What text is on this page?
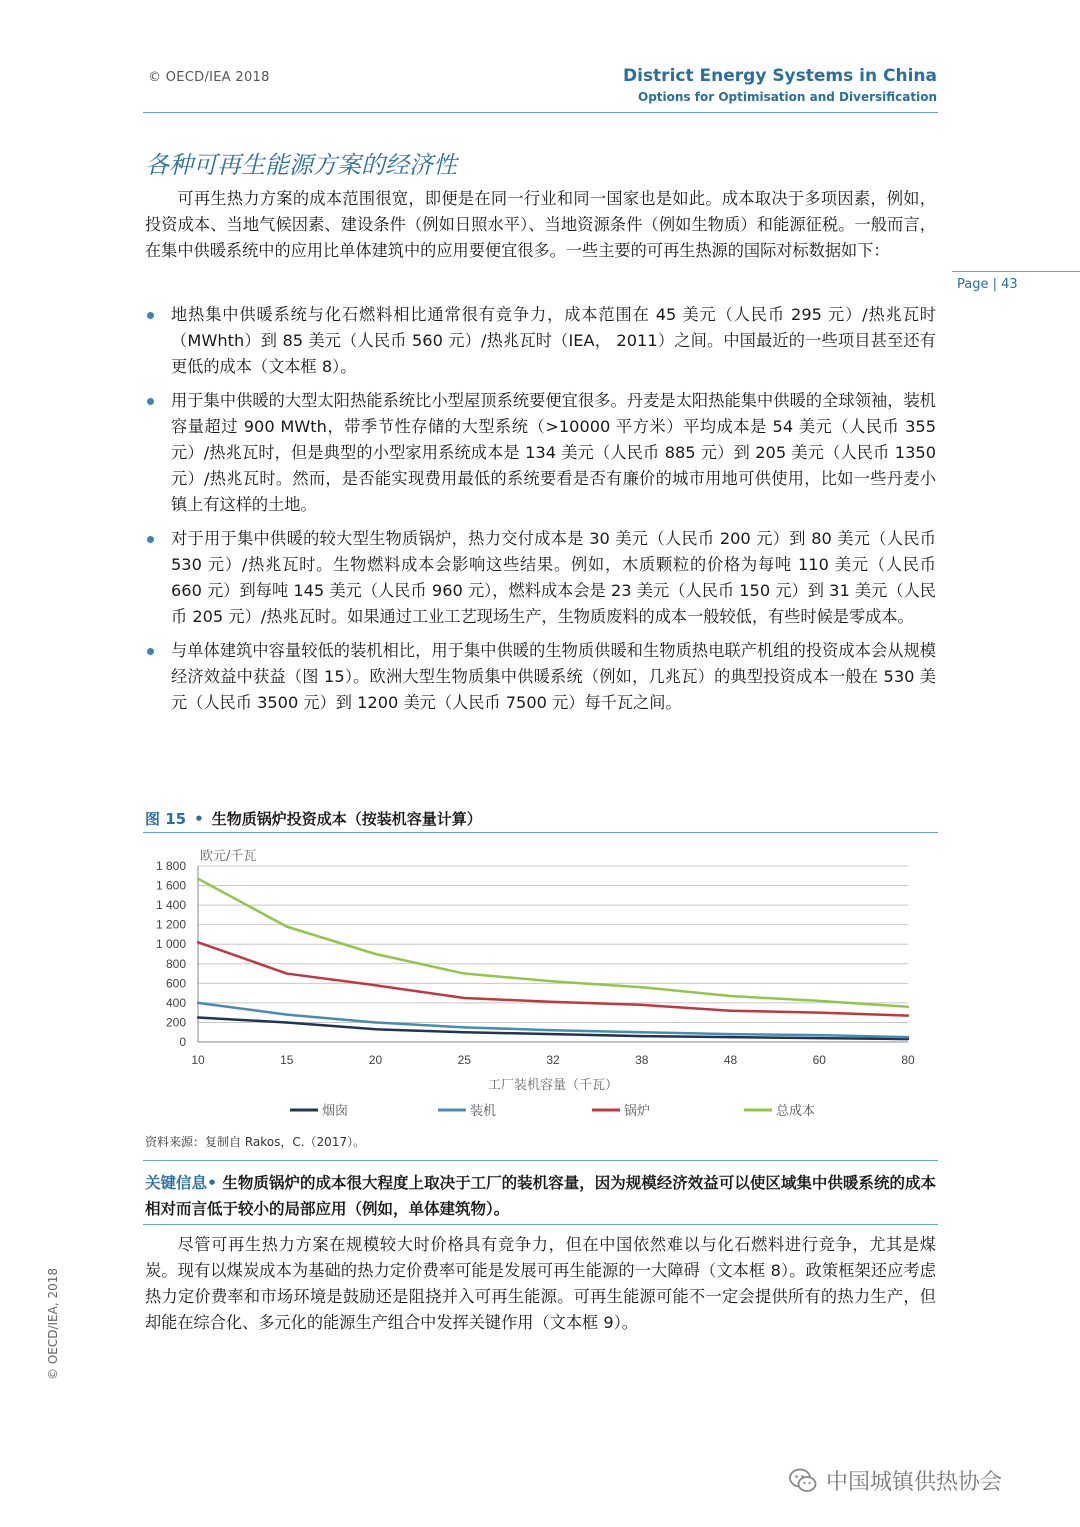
© OECD/IEA 2018	District Energy Systems in China
Options for Optimisation and Diversification
Page | 43
© OECD/IEA, 2018
各种可再生能源方案的经济性
可再生热力方案的成本范围很宽，即便是在同一行业和同一国家也是如此。成本取决于多项因素，例如，投资成本、当地气候因素、建设条件（例如日照水平）、当地资源条件（例如生物质）和能源征税。一般而言，在集中供暖系统中的应用比单体建筑中的应用要便宜很多。一些主要的可再生热源的国际对标数据如下：
地热集中供暖系统与化石燃料相比通常很有竞争力，成本范围在 45 美元（人民币 295 元）/热兆瓦时（MWhth）到 85 美元（人民币 560 元）/热兆瓦时（IEA， 2011）之间。中国最近的一些项目甚至还有更低的成本（文本框 8）。
用于集中供暖的大型太阳热能系统比小型屋顶系统要便宜很多。丹麦是太阳热能集中供暖的全球领袖，装机容量超过 900 MWth，带季节性存储的大型系统（>10000 平方米）平均成本是 54 美元（人民币 355 元）/热兆瓦时，但是典型的小型家用系统成本是 134 美元（人民币 885 元）到 205 美元（人民币 1350 元）/热兆瓦时。然而，是否能实现费用最低的系统要看是否有廉价的城市用地可供使用，比如一些丹麦小镇上有这样的土地。
对于用于集中供暖的较大型生物质锅炉，热力交付成本是 30 美元（人民币 200 元）到 80 美元（人民币 530 元）/热兆瓦时。生物燃料成本会影响这些结果。例如，木质颗粒的价格为每吨 110 美元（人民币 660 元）到每吨 145 美元（人民币 960 元），燃料成本会是 23 美元（人民币 150 元）到 31 美元（人民币 205 元）/热兆瓦时。如果通过工业工艺现场生产，生物质废料的成本一般较低，有些时候是零成本。
与单体建筑中容量较低的装机相比，用于集中供暖的生物质供暖和生物质热电联产机组的投资成本会从规模经济效益中获益（图 15）。欧洲大型生物质集中供暖系统（例如，几兆瓦）的典型投资成本一般在 530 美元（人民币 3500 元）到 1200 美元（人民币 7500 元）每千瓦之间。
图 15 • 生物质锅炉投资成本（按装机容量计算）
0
200
400
600
800
1 000
1 200
1 400
1 600
1 800
10	15	20	25	32	38	48	60	80
欧元/千瓦
工厂装机容量（千瓦）
烟囱	装机	锅炉	总成本
资料来源：复制自 Rakos，C.（2017）。
关键信息• 生物质锅炉的成本很大程度上取决于工厂的装机容量，因为规模经济效益可以使区域集中供暖系统的成本相对而言低于较小的局部应用（例如，单体建筑物）。
尽管可再生热力方案在规模较大时价格具有竞争力，但在中国依然难以与化石燃料进行竞争，尤其是煤炭。现有以煤炭成本为基础的热力定价费率可能是发展可再生能源的一大障碍（文本框 8）。政策框架还应考虑热力定价费率和市场环境是鼓励还是阻挠并入可再生能源。可再生能源可能不一定会提供所有的热力生产，但却能在综合化、多元化的能源生产组合中发挥关键作用（文本框 9）。
中国城镇供热协会
